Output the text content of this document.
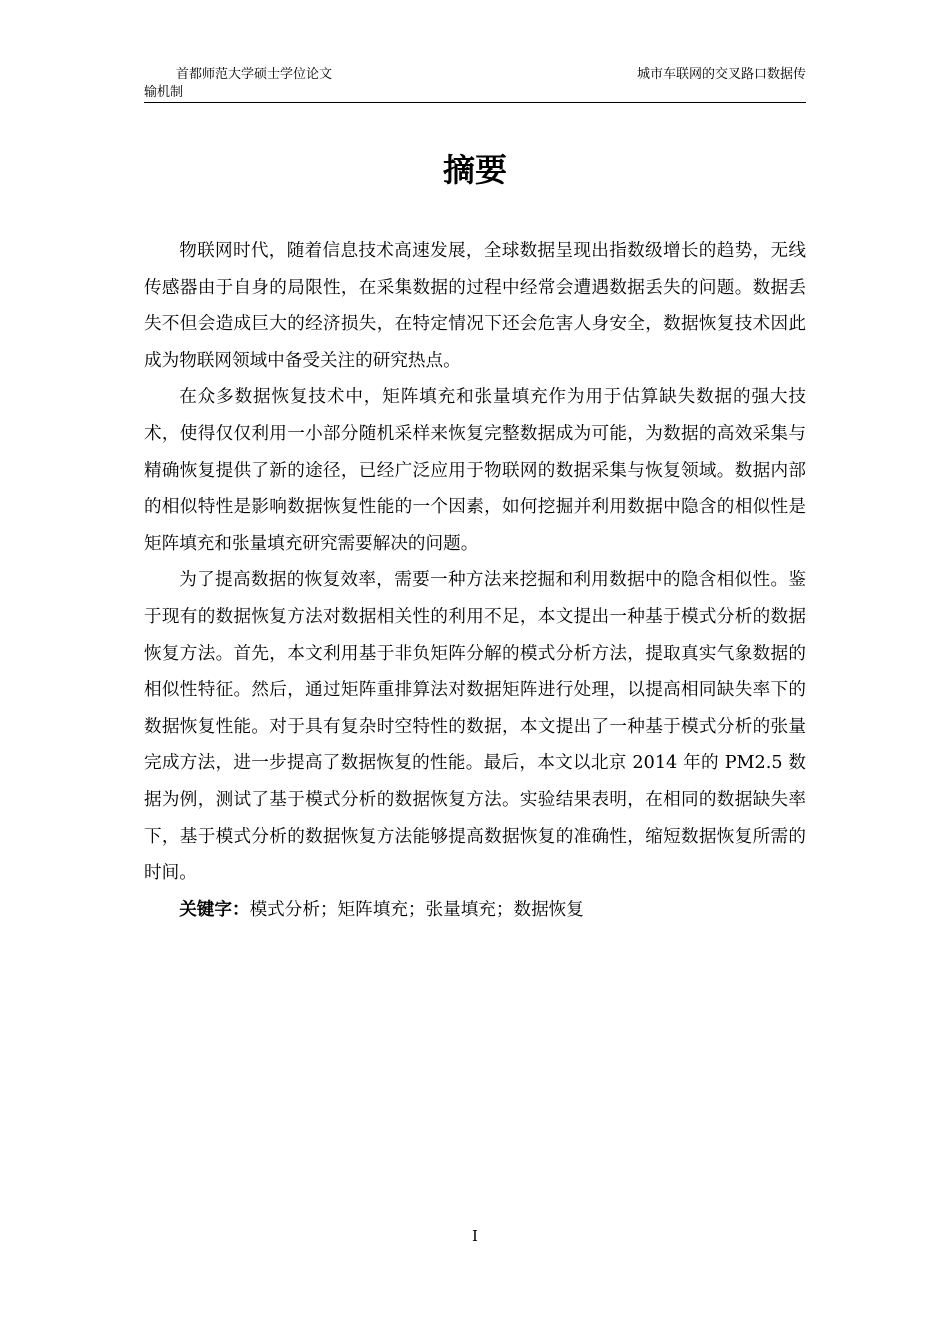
首都师范大学硕士学位论文	城市车联网的交叉路口数据传
输机制
摘要

物联网时代，随着信息技术高速发展，全球数据呈现出指数级增长的趋势，无线传感器由于自身的局限性，在采集数据的过程中经常会遭遇数据丢失的问题。数据丢失不但会造成巨大的经济损失，在特定情况下还会危害人身安全，数据恢复技术因此成为物联网领域中备受关注的研究热点。

在众多数据恢复技术中，矩阵填充和张量填充作为用于估算缺失数据的强大技术，使得仅仅利用一小部分随机采样来恢复完整数据成为可能，为数据的高效采集与精确恢复提供了新的途径，已经广泛应用于物联网的数据采集与恢复领域。数据内部的相似特性是影响数据恢复性能的一个因素，如何挖掘并利用数据中隐含的相似性是矩阵填充和张量填充研究需要解决的问题。

为了提高数据的恢复效率，需要一种方法来挖掘和利用数据中的隐含相似性。鉴于现有的数据恢复方法对数据相关性的利用不足，本文提出一种基于模式分析的数据恢复方法。首先，本文利用基于非负矩阵分解的模式分析方法，提取真实气象数据的相似性特征。然后，通过矩阵重排算法对数据矩阵进行处理，以提高相同缺失率下的数据恢复性能。对于具有复杂时空特性的数据，本文提出了一种基于模式分析的张量完成方法，进一步提高了数据恢复的性能。最后，本文以北京 2014 年的 PM2.5 数据为例，测试了基于模式分析的数据恢复方法。实验结果表明，在相同的数据缺失率下，基于模式分析的数据恢复方法能够提高数据恢复的准确性，缩短数据恢复所需的时间。

关键字：模式分析；矩阵填充；张量填充；数据恢复

I
